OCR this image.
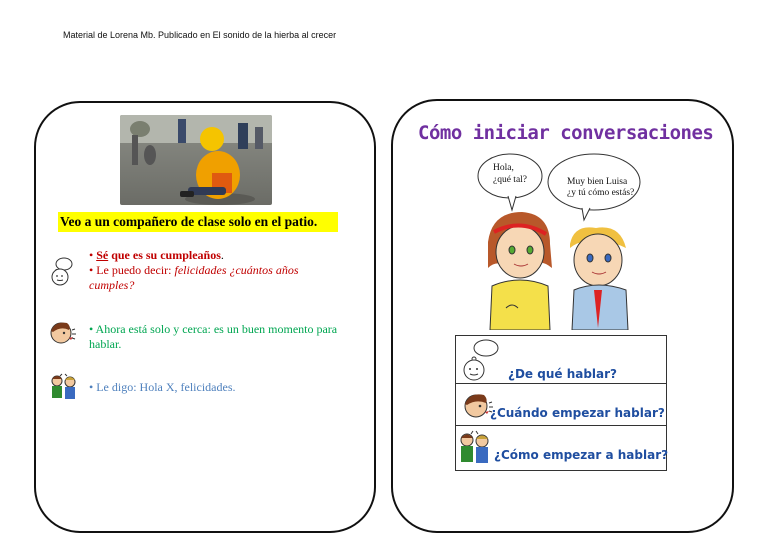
Material de Lorena Mb. Publicado en El sonido de la hierba al crecer
Veo a un compañero de clase solo en el patio.
• Sé que es su cumpleaños.
• Le puedo decir: felicidades ¿cuántos años cumples?
• Ahora está solo y cerca: es un buen momento para hablar.
• Le digo: Hola X, felicidades.
Cómo iniciar conversaciones
Hola,
¿qué tal?	Muy bien Luisa
¿y tú cómo estás?
¿De qué hablar?
¿Cuándo empezar hablar?
¿Cómo empezar a hablar?
